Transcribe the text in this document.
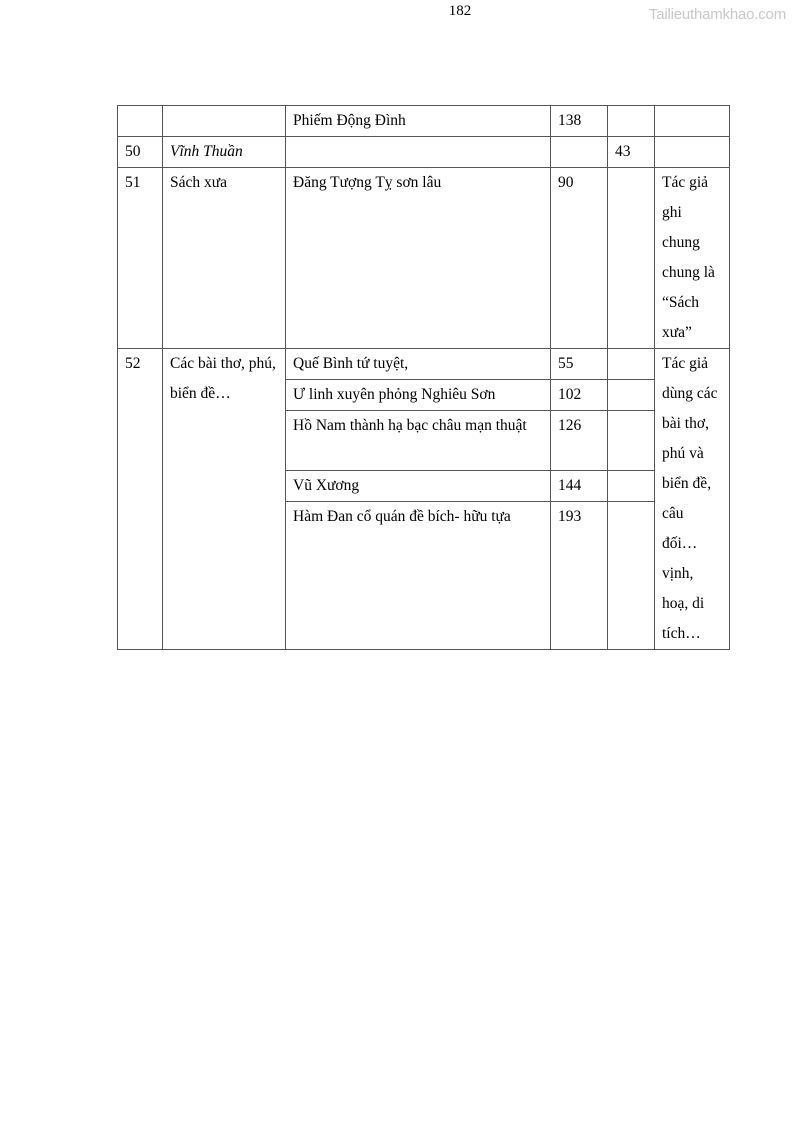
182	Tailieuthamkhao.com
		Phiếm Động Đình	138		
50	Vĩnh Thuần			43	
51	Sách xưa	Đăng Tượng Tỵ sơn lâu	90		Tác giả ghi chung chung là “Sách xưa”
52	Các bài thơ, phú, biển đề…	Quế Bình tứ tuyệt,	55		Tác giả dùng các bài thơ, phú và biển đề, câu đối… vịnh, hoạ, di tích…
		Ư linh xuyên phỏng Nghiêu Sơn	102		
		Hồ Nam thành hạ bạc châu mạn thuật	126		
		Vũ Xương	144		
		Hàm Đan cổ quán đề bích- hữu tựa	193		
